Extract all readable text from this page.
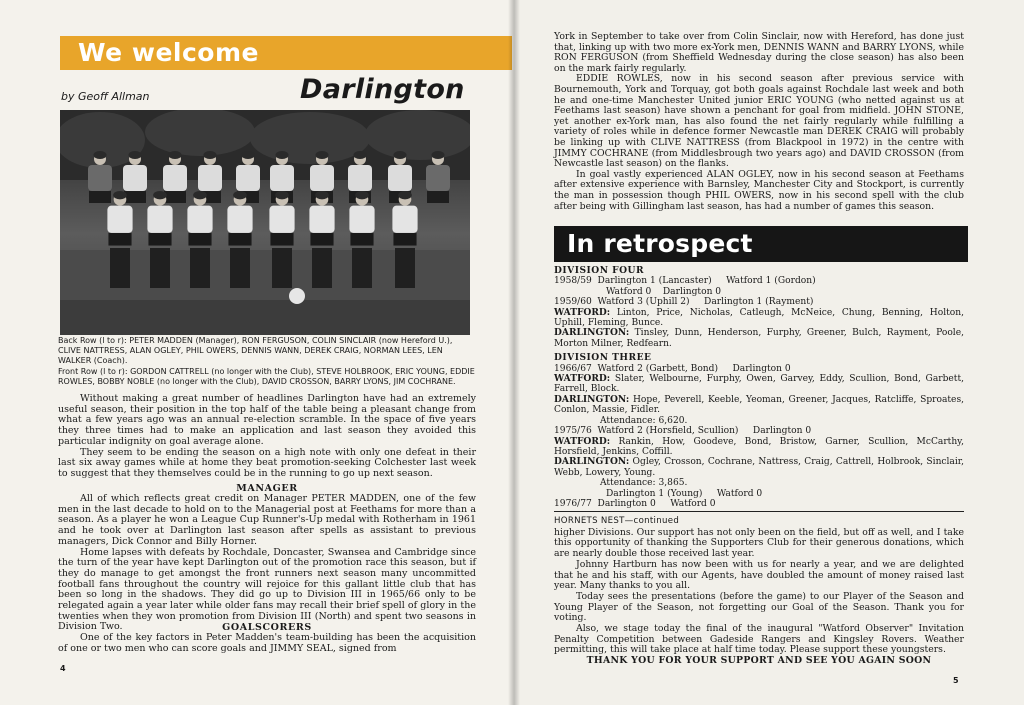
We welcome
by Geoff Allman	Darlington

Back Row (l to r): PETER MADDEN (Manager), RON FERGUSON, COLIN SINCLAIR (now Hereford U.), CLIVE NATTRESS, ALAN OGLEY, PHIL OWERS, DENNIS WANN, DEREK CRAIG, NORMAN LEES, LEN WALKER (Coach).

Front Row (l to r): GORDON CATTRELL (no longer with the Club), STEVE HOLBROOK, ERIC YOUNG, EDDIE ROWLES, BOBBY NOBLE (no longer with the Club), DAVID CROSSON, BARRY LYONS, JIM COCHRANE.

Without making a great number of headlines Darlington have had an extremely useful season, their position in the top half of the table being a pleasant change from what a few years ago was an annual re-election scramble. In the space of five years they three times had to make an application and last season they avoided this particular indignity on goal average alone.

They seem to be ending the season on a high note with only one defeat in their last six away games while at home they beat promotion-seeking Colchester last week to suggest that they themselves could be in the running to go up next season.

MANAGER

All of which reflects great credit on Manager PETER MADDEN, one of the few men in the last decade to hold on to the Managerial post at Feethams for more than a season. As a player he won a League Cup Runner's-Up medal with Rotherham in 1961 and he took over at Darlington last season after spells as assistant to previous managers, Dick Connor and Billy Horner.

Home lapses with defeats by Rochdale, Doncaster, Swansea and Cambridge since the turn of the year have kept Darlington out of the promotion race this season, but if they do manage to get amongst the front runners next season many uncommitted football fans throughout the country will rejoice for this gallant little club that has been so long in the shadows. They did go up to Division III in 1965/66 only to be relegated again a year later while older fans may recall their brief spell of glory in the twenties when they won promotion from Division III (North) and spent two seasons in Division Two.	GOALSCORERS

One of the key factors in Peter Madden's team-building has been the acquisition of one or two men who can score goals and JIMMY SEAL, signed from

4

York in September to take over from Colin Sinclair, now with Hereford, has done just that, linking up with two more ex-York men, DENNIS WANN and BARRY LYONS, while RON FERGUSON (from Sheffield Wednesday during the close season) has also been on the mark fairly regularly.

EDDIE ROWLES, now in his second season after previous service with Bournemouth, York and Torquay, got both goals against Rochdale last week and both he and one-time Manchester United junior ERIC YOUNG (who netted against us at Feethams last season) have shown a penchant for goal from midfield. JOHN STONE, yet another ex-York man, has also found the net fairly regularly while fulfilling a variety of roles while in defence former Newcastle man DEREK CRAIG will probably be linking up with CLIVE NATTRESS (from Blackpool in 1972) in the centre with JIMMY COCHRANE (from Middlesbrough two years ago) and DAVID CROSSON (from Newcastle last season) on the flanks.

In goal vastly experienced ALAN OGLEY, now in his second season at Feethams after extensive experience with Barnsley, Manchester City and Stockport, is currently the man in possession though PHIL OWERS, now in his second spell with the club after being with Gillingham last season, has had a number of games this season.

In retrospect
DIVISION FOUR
1958/59  Darlington 1 (Lancaster)     Watford 1 (Gordon)
Watford 0    Darlington 0
1959/60  Watford 3 (Uphill 2)     Darlington 1 (Rayment)
WATFORD: Linton, Price, Nicholas, Catleugh, McNeice, Chung, Benning, Holton, Uphill, Fleming, Bunce.
DARLINGTON: Tinsley, Dunn, Henderson, Furphy, Greener, Bulch, Rayment, Poole, Morton Milner, Redfearn.
DIVISION THREE
1966/67  Watford 2 (Garbett, Bond)     Darlington 0
WATFORD: Slater, Welbourne, Furphy, Owen, Garvey, Eddy, Scullion, Bond, Garbett, Farrell, Block.
DARLINGTON: Hope, Peverell, Keeble, Yeoman, Greener, Jacques, Ratcliffe, Sproates, Conlon, Massie, Fidler.
Attendance: 6,620.
1975/76  Watford 2 (Horsfield, Scullion)     Darlington 0
WATFORD: Rankin, How, Goodeve, Bond, Bristow, Garner, Scullion, McCarthy, Horsfield, Jenkins, Coffill.
DARLINGTON: Ogley, Crosson, Cochrane, Nattress, Craig, Cattrell, Holbrook, Sinclair, Webb, Lowery, Young.
Attendance: 3,865.
Darlington 1 (Young)     Watford 0
1976/77  Darlington 0     Watford 0
HORNETS NEST—continued

higher Divisions. Our support has not only been on the field, but off as well, and I take this opportunity of thanking the Supporters Club for their generous donations, which are nearly double those received last year.

Johnny Hartburn has now been with us for nearly a year, and we are delighted that he and his staff, with our Agents, have doubled the amount of money raised last year. Many thanks to you all.

Today sees the presentations (before the game) to our Player of the Season and Young Player of the Season, not forgetting our Goal of the Season. Thank you for voting.

Also, we stage today the final of the inaugural "Watford Observer" Invitation Penalty Competition between Gadeside Rangers and Kingsley Rovers. Weather permitting, this will take place at half time today. Please support these youngsters.

THANK YOU FOR YOUR SUPPORT AND SEE YOU AGAIN SOON

5
